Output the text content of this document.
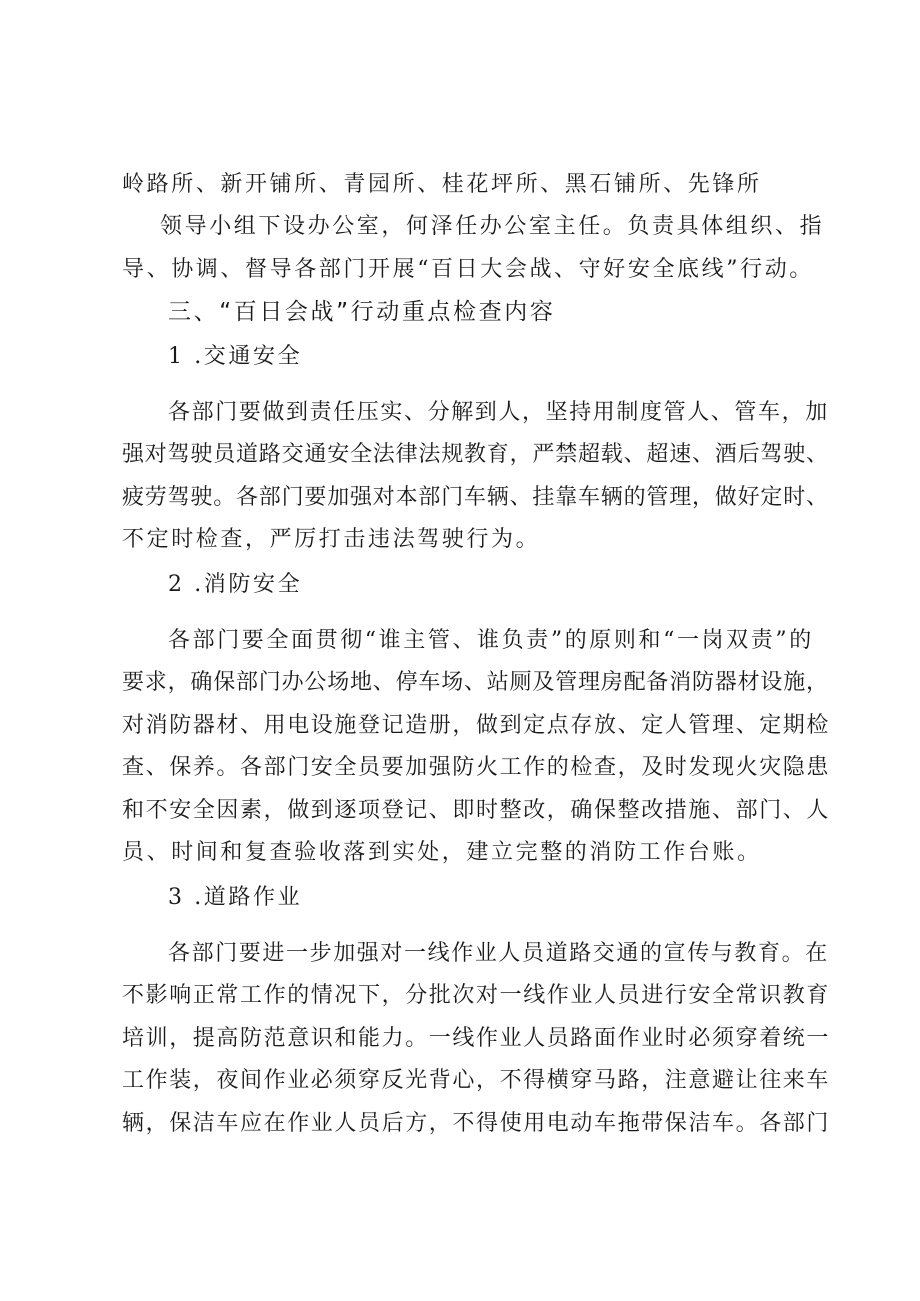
岭路所、新开铺所、青园所、桂花坪所、黑石铺所、先锋所
领导小组下设办公室，何泽任办公室主任。负责具体组织、指
导、协调、督导各部门开展“百日大会战、守好安全底线”行动。
三、“百日会战”行动重点检查内容
1 .交通安全
各部门要做到责任压实、分解到人，坚持用制度管人、管车，加
强对驾驶员道路交通安全法律法规教育，严禁超载、超速、酒后驾驶、
疲劳驾驶。各部门要加强对本部门车辆、挂靠车辆的管理，做好定时、
不定时检查，严厉打击违法驾驶行为。
2 .消防安全
各部门要全面贯彻“谁主管、谁负责”的原则和“一岗双责”的
要求，确保部门办公场地、停车场、站厕及管理房配备消防器材设施，
对消防器材、用电设施登记造册，做到定点存放、定人管理、定期检
查、保养。各部门安全员要加强防火工作的检查，及时发现火灾隐患
和不安全因素，做到逐项登记、即时整改，确保整改措施、部门、人
员、时间和复查验收落到实处，建立完整的消防工作台账。
3 .道路作业
各部门要进一步加强对一线作业人员道路交通的宣传与教育。在
不影响正常工作的情况下，分批次对一线作业人员进行安全常识教育
培训，提高防范意识和能力。一线作业人员路面作业时必须穿着统一
工作装，夜间作业必须穿反光背心，不得横穿马路，注意避让往来车
辆，保洁车应在作业人员后方，不得使用电动车拖带保洁车。各部门
